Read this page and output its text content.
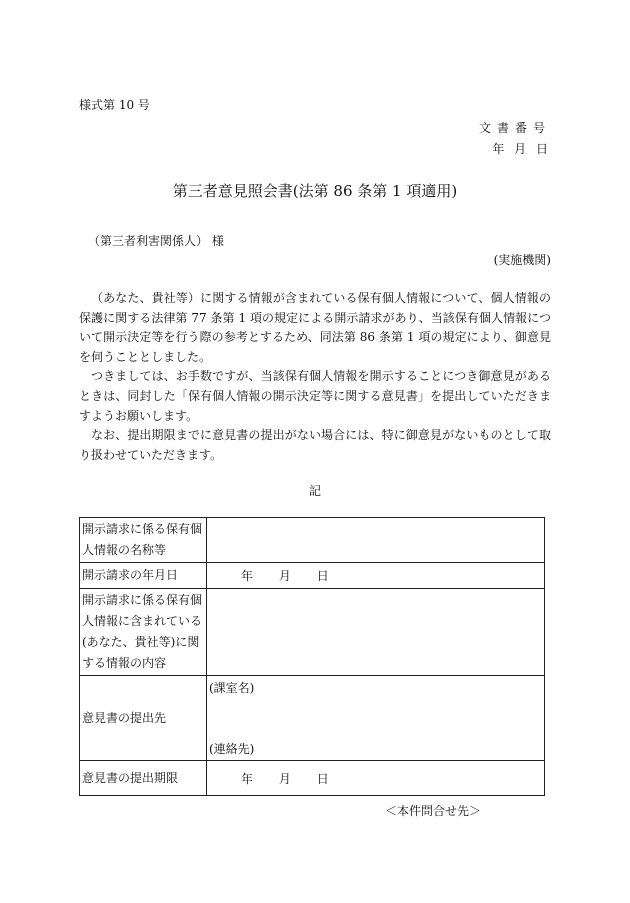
様式第 10 号
文書番号
年 月 日
第三者意見照会書(法第 86 条第 1 項適用)
（第三者利害関係人） 様
(実施機関)

（あなた、貴社等）に関する情報が含まれている保有個人情報について、個人情報の保護に関する法律第 77 条第 1 項の規定による開示請求があり、当該保有個人情報について開示決定等を行う際の参考とするため、同法第 86 条第 1 項の規定により、御意見を伺うこととしました。

つきましては、お手数ですが、当該保有個人情報を開示することにつき御意見があるときは、同封した「保有個人情報の開示決定等に関する意見書」を提出していただきますようお願いします。

なお、提出期限までに意見書の提出がない場合には、特に御意見がないものとして取り扱わせていただきます。

記
開示請求に係る保有個人情報の名称等	
開示請求の年月日	年 月 日
開示請求に係る保有個人情報に含まれている(あなた、貴社等)に関する情報の内容	
意見書の提出先	(課室名)
(連絡先)

意見書の提出期限	年 月 日
＜本件問合せ先＞
